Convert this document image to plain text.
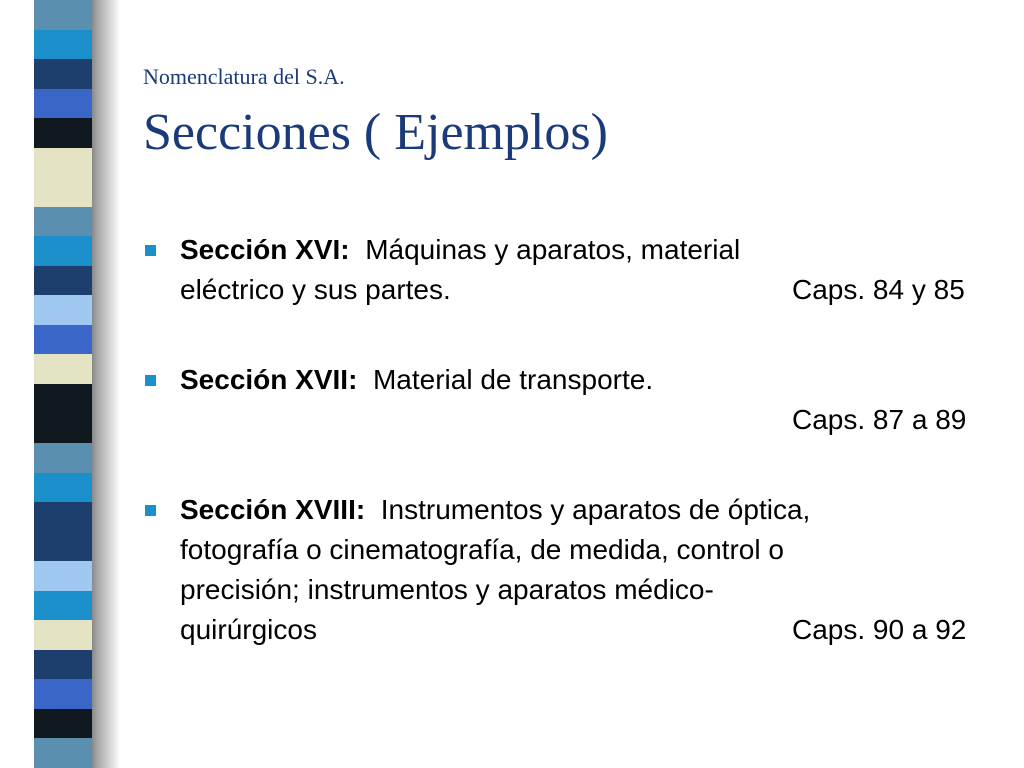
Nomenclatura del S.A.
Secciones ( Ejemplos)
Sección XVI: Máquinas y aparatos, material
eléctrico y sus partes.	Caps. 84 y 85
Sección XVII: Material de transporte.
Caps. 87 a 89
Sección XVIII: Instrumentos y aparatos de óptica,
fotografía o cinematografía, de medida, control o
precisión; instrumentos y aparatos médico-
quirúrgicos	Caps. 90 a 92
